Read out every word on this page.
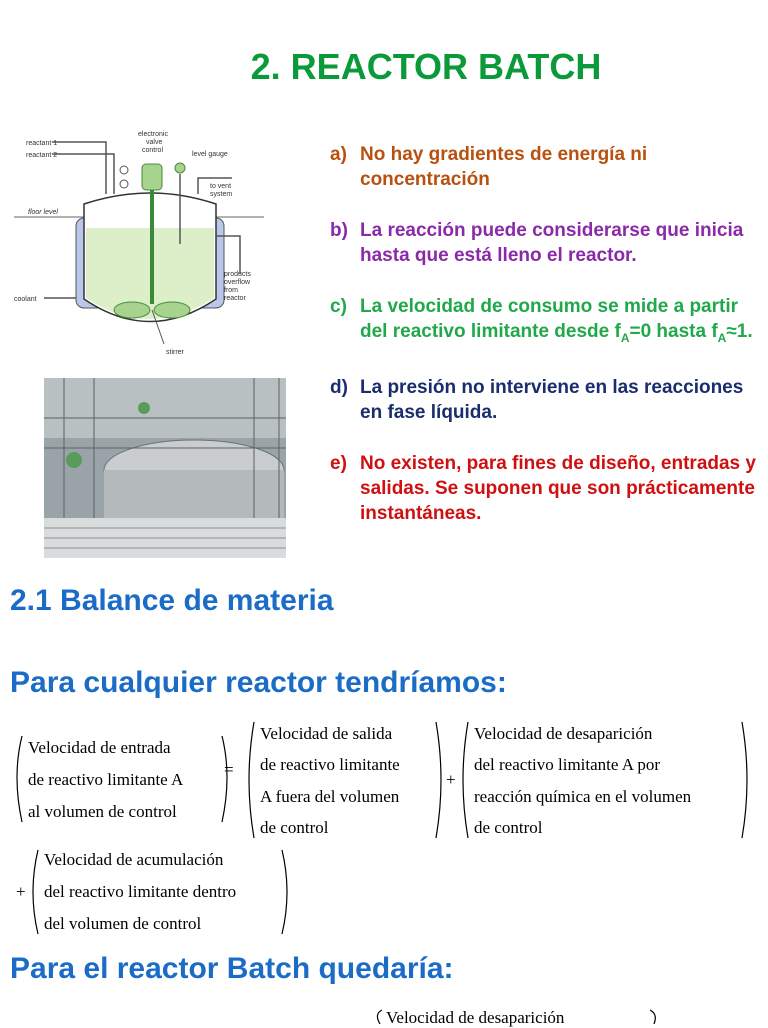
2. REACTOR BATCH
reactant 1
reactant 2
electronic
valve
control
level gauge
to vent
system
floor level
products
overflow
from
reactor
coolant
stirrer
a) No hay gradientes de energía ni concentración
b) La reacción puede considerarse que inicia hasta que está lleno el reactor.
c) La velocidad de consumo se mide a partir del reactivo limitante desde $f_A=0$ hasta $f_A\approx 1$.
d) La presión no interviene en las reacciones en fase líquida.
e) No existen, para fines de diseño, entradas y salidas. Se suponen que son prácticamente instantáneas.
2.1 Balance de materia
Para cualquier reactor tendríamos:
=
+
+
Velocidad de entrada
de reactivo limitante A
al volumen de control
Velocidad de salida
de reactivo limitante
A fuera del volumen
de control
Velocidad de desaparición
del reactivo limitante A por
reacción química en el volumen
de control
Velocidad de acumulación
del reactivo limitante dentro
del volumen de control
Para el reactor Batch quedaría:
Velocidad de desaparición
